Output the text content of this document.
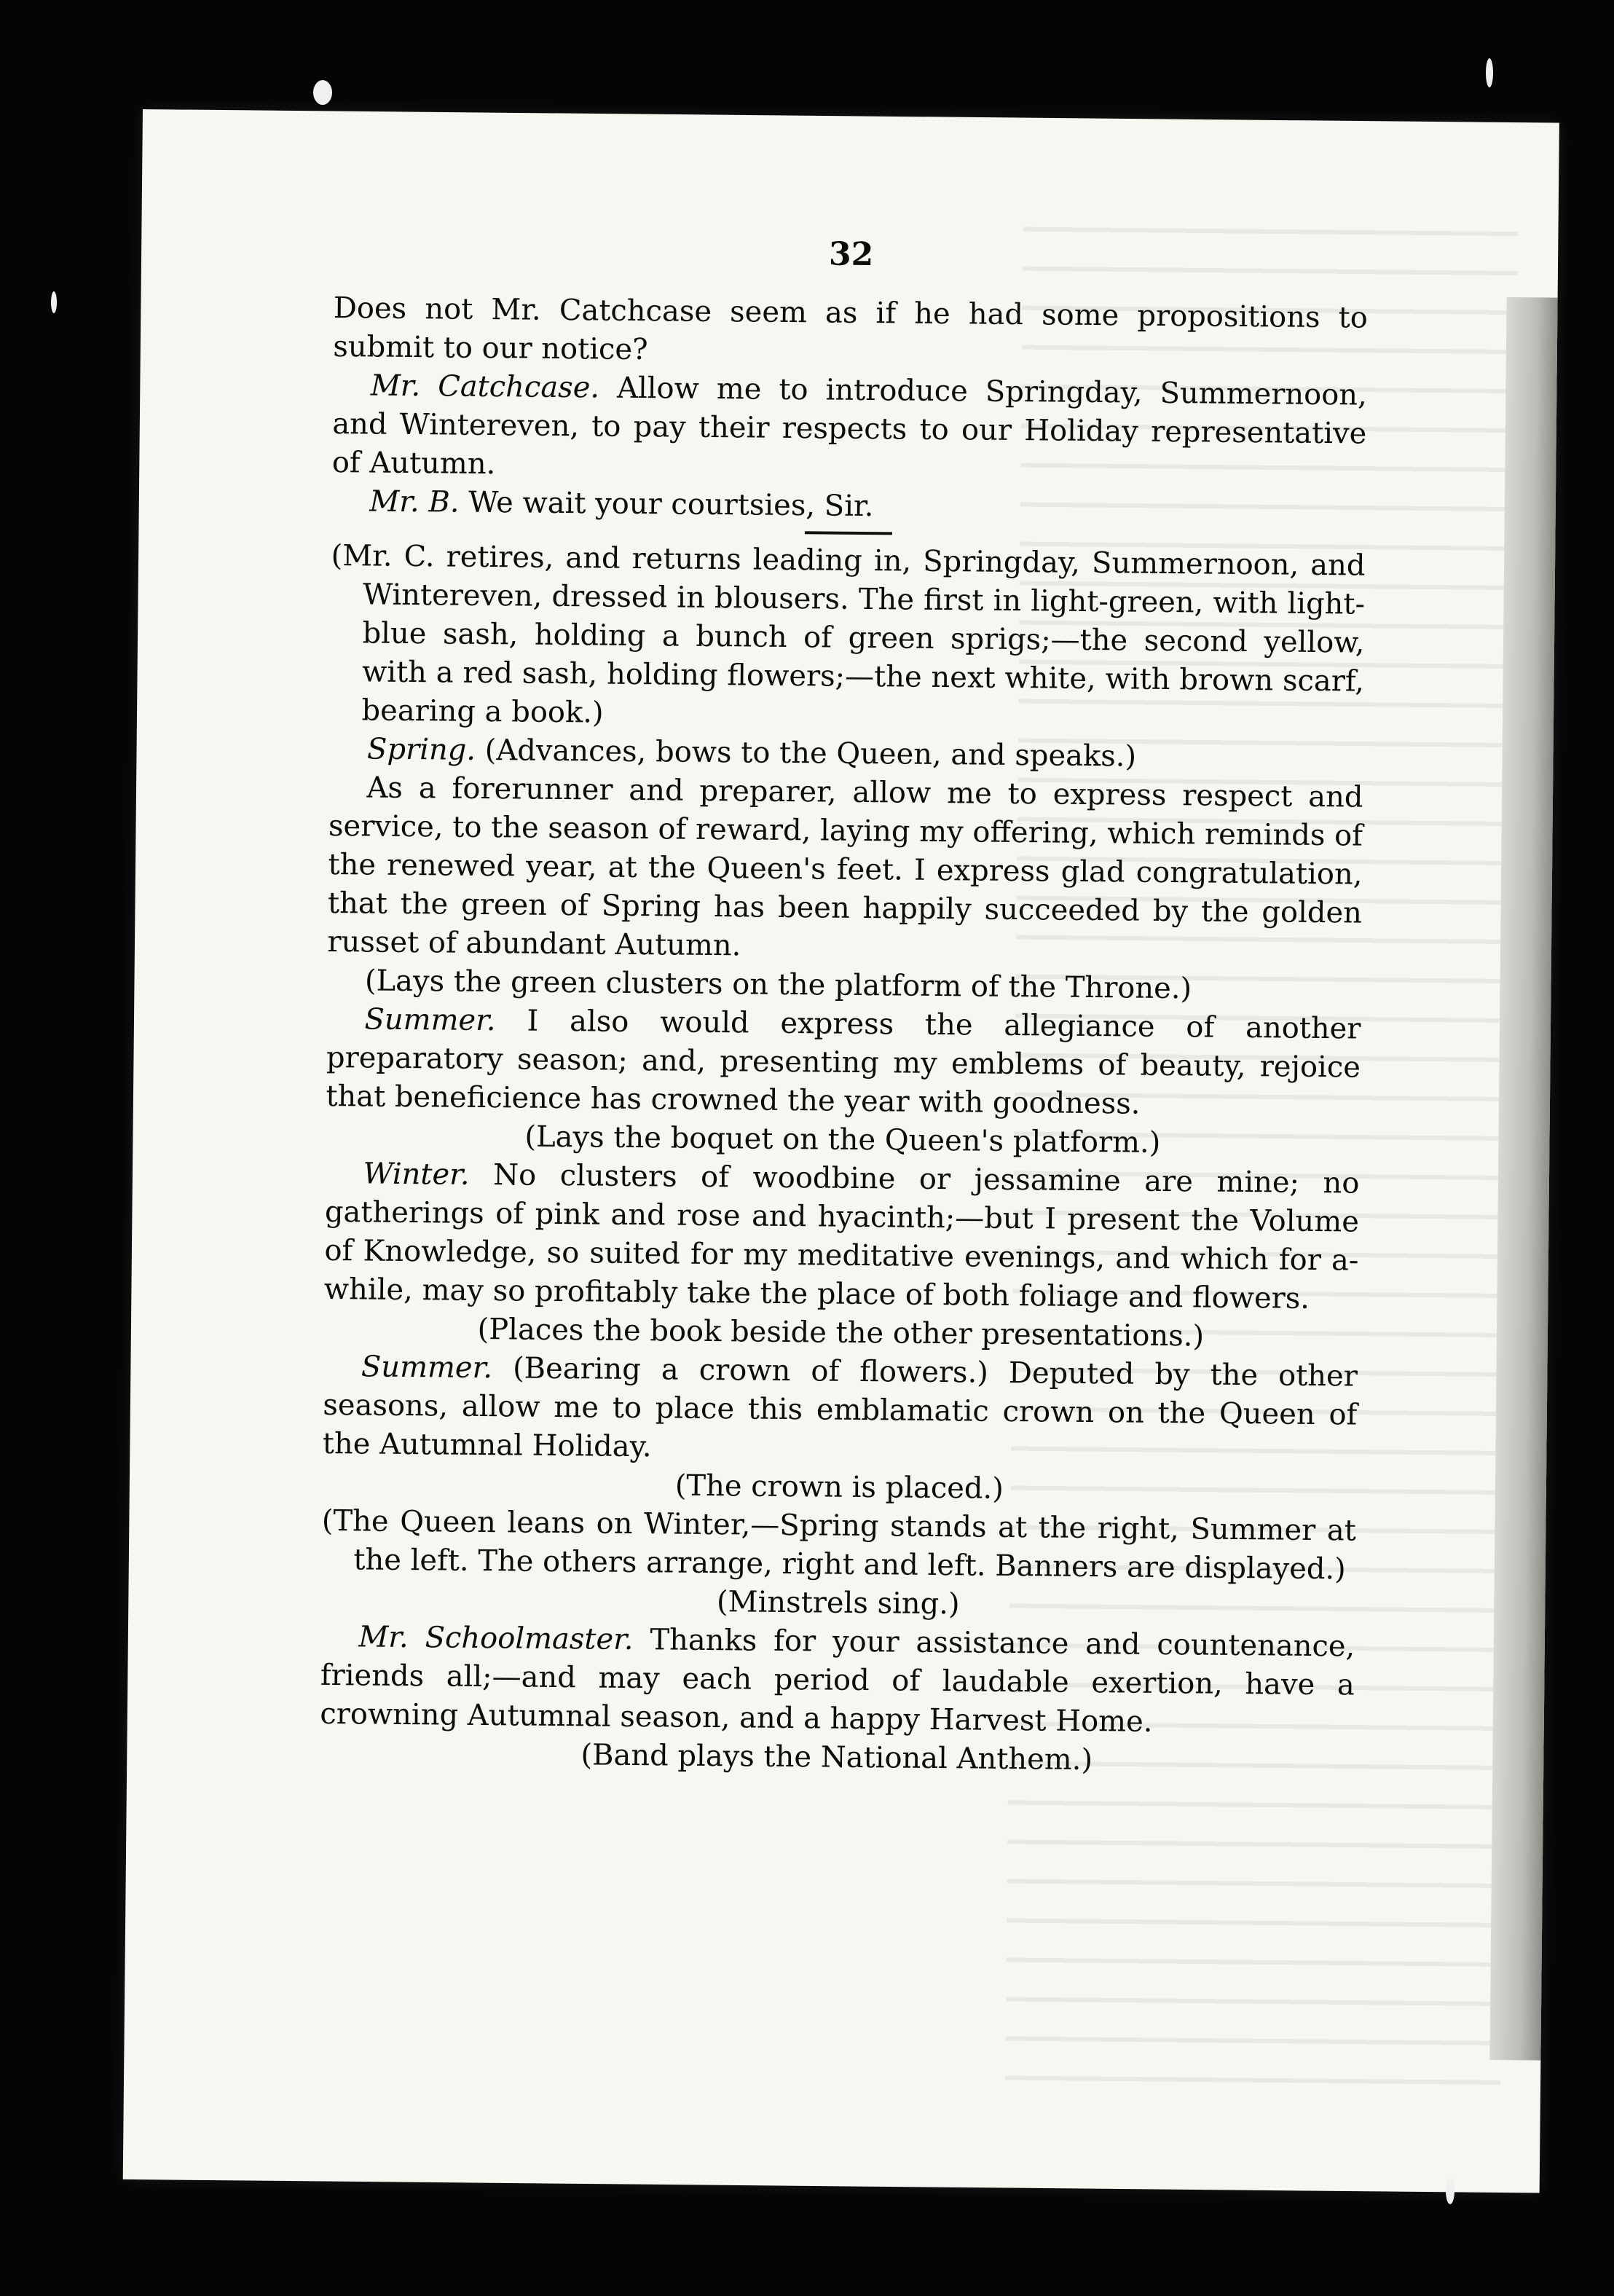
32

Does not Mr. Catchcase seem as if he had some propositions to submit to our notice?

Mr. Catchcase. Allow me to introduce Springday, Summernoon, and Wintereven, to pay their respects to our Holiday representative of Autumn.

Mr. B. We wait your courtsies, Sir.

(Mr. C. retires, and returns leading in, Springday, Summernoon, and Wintereven, dressed in blousers. The first in light-green, with light-blue sash, holding a bunch of green sprigs;—the second yellow, with a red sash, holding flowers;—the next white, with brown scarf, bearing a book.)

Spring. (Advances, bows to the Queen, and speaks.)

As a forerunner and preparer, allow me to express respect and service, to the season of reward, laying my offering, which reminds of the renewed year, at the Queen's feet. I express glad congratulation, that the green of Spring has been happily succeeded by the golden russet of abundant Autumn.

(Lays the green clusters on the platform of the Throne.)

Summer. I also would express the allegiance of another preparatory season; and, presenting my emblems of beauty, rejoice that beneficience has crowned the year with goodness.

(Lays the boquet on the Queen's platform.)

Winter. No clusters of woodbine or jessamine are mine; no gatherings of pink and rose and hyacinth;—but I present the Volume of Knowledge, so suited for my meditative evenings, and which for a-while, may so profitably take the place of both foliage and flowers.

(Places the book beside the other presentations.)

Summer. (Bearing a crown of flowers.) Deputed by the other seasons, allow me to place this emblamatic crown on the Queen of the Autumnal Holiday.

(The crown is placed.)

(The Queen leans on Winter,—Spring stands at the right, Summer at the left. The others arrange, right and left. Banners are displayed.)

(Minstrels sing.)

Mr. Schoolmaster. Thanks for your assistance and countenance, friends all;—and may each period of laudable exertion, have a crowning Autumnal season, and a happy Harvest Home.

(Band plays the National Anthem.)
